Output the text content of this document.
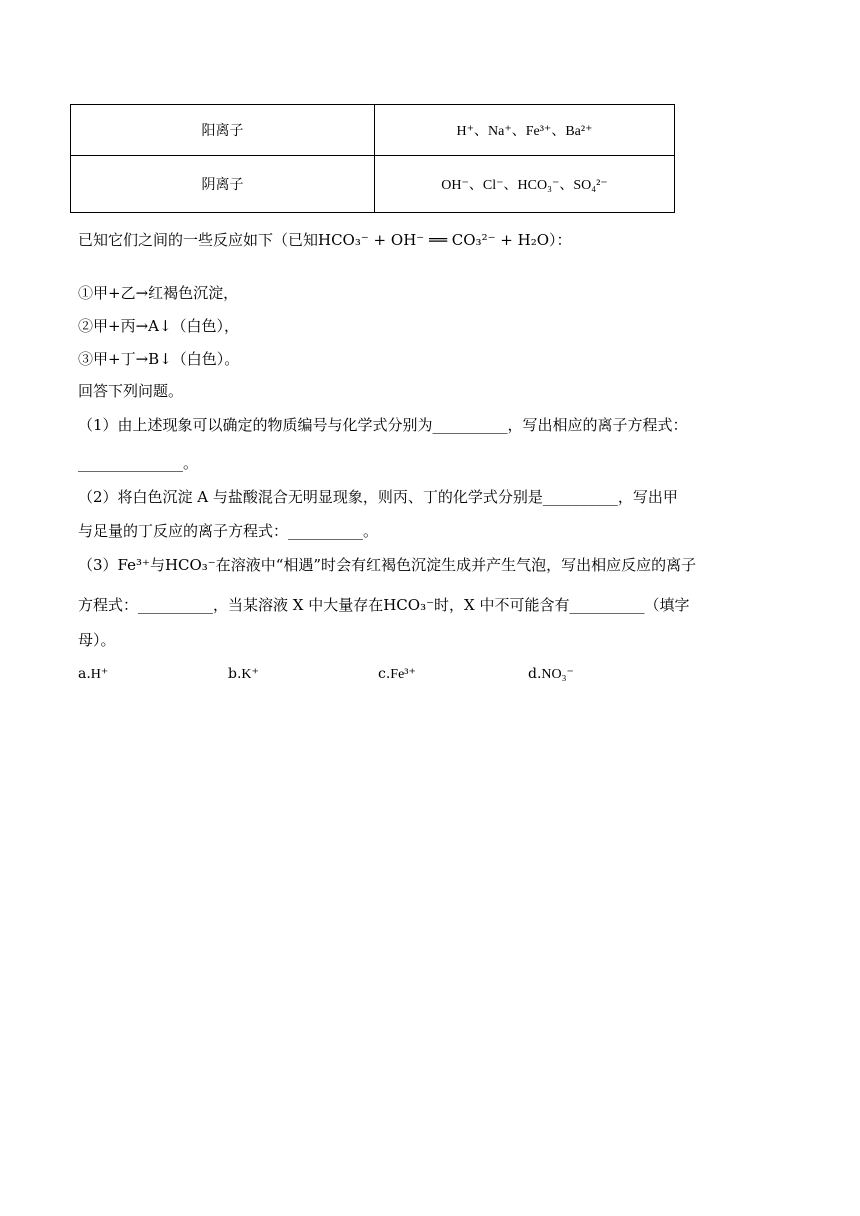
阳离子	H⁺、Na⁺、Fe³⁺、Ba²⁺
阴离子	OH⁻、Cl⁻、HCO₃⁻、SO₄²⁻
已知它们之间的一些反应如下（已知HCO₃⁻ + OH⁻ ══ CO₃²⁻ + H₂O）：
①甲+乙→红褐色沉淀，
②甲+丙→A↓（白色），
③甲+丁→B↓（白色）。
回答下列问题。
（1）由上述现象可以确定的物质编号与化学式分别为__________，写出相应的离子方程式：
______________。
（2）将白色沉淀 A 与盐酸混合无明显现象，则丙、丁的化学式分别是__________，写出甲
与足量的丁反应的离子方程式：__________。
（3）Fe³⁺与HCO₃⁻在溶液中“相遇”时会有红褐色沉淀生成并产生气泡，写出相应反应的离子
方程式：__________，当某溶液 X 中大量存在HCO₃⁻时，X 中不可能含有__________（填字
母）。
a.H⁺	b.K⁺	c.Fe³⁺	d.NO₃⁻
